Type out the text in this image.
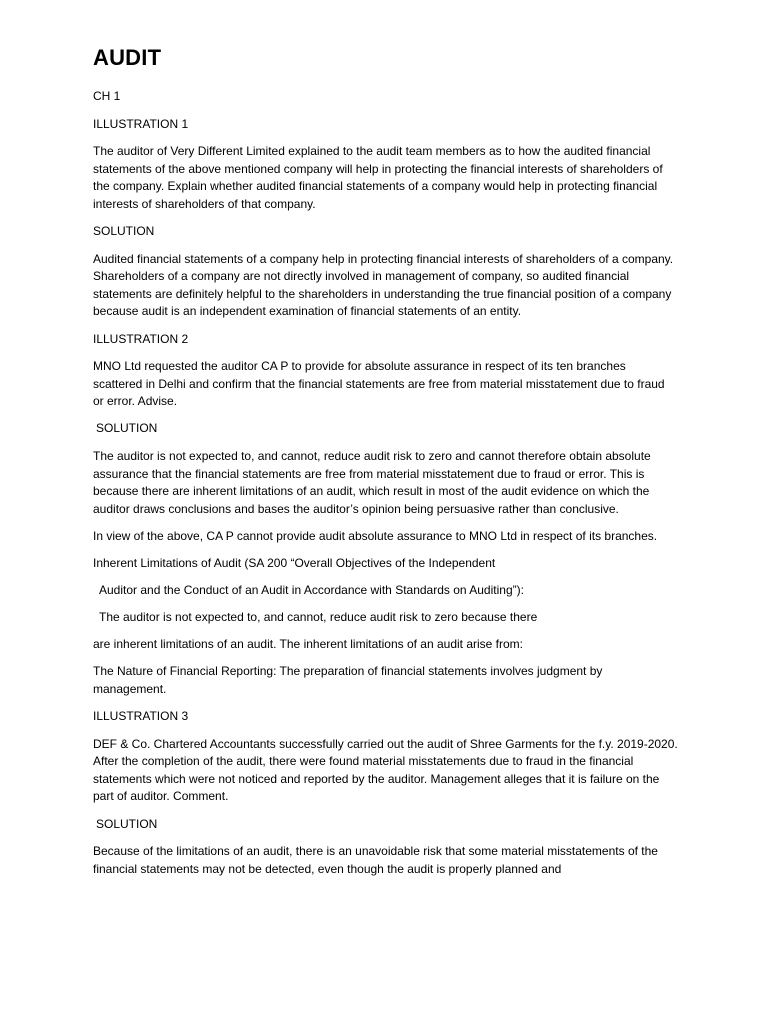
AUDIT

CH 1

ILLUSTRATION 1

The auditor of Very Different Limited explained to the audit team members as to how the audited financial statements of the above mentioned company will help in protecting the financial interests of shareholders of the company. Explain whether audited financial statements of a company would help in protecting financial interests of shareholders of that company.

SOLUTION

Audited financial statements of a company help in protecting financial interests of shareholders of a company. Shareholders of a company are not directly involved in management of company, so audited financial statements are definitely helpful to the shareholders in understanding the true financial position of a company because audit is an independent examination of financial statements of an entity.

ILLUSTRATION 2

MNO Ltd requested the auditor CA P to provide for absolute assurance in respect of its ten branches scattered in Delhi and confirm that the financial statements are free from material misstatement due to fraud or error. Advise.

SOLUTION

The auditor is not expected to, and cannot, reduce audit risk to zero and cannot therefore obtain absolute assurance that the financial statements are free from material misstatement due to fraud or error. This is because there are inherent limitations of an audit, which result in most of the audit evidence on which the auditor draws conclusions and bases the auditor’s opinion being persuasive rather than conclusive.

In view of the above, CA P cannot provide audit absolute assurance to MNO Ltd in respect of its branches.

Inherent Limitations of Audit (SA 200 “Overall Objectives of the Independent

Auditor and the Conduct of an Audit in Accordance with Standards on Auditing”):

The auditor is not expected to, and cannot, reduce audit risk to zero because there

are inherent limitations of an audit. The inherent limitations of an audit arise from:

The Nature of Financial Reporting: The preparation of financial statements involves judgment by management.

ILLUSTRATION 3

DEF & Co. Chartered Accountants successfully carried out the audit of Shree Garments for the f.y. 2019-2020. After the completion of the audit, there were found material misstatements due to fraud in the financial statements which were not noticed and reported by the auditor. Management alleges that it is failure on the part of auditor. Comment.

SOLUTION

Because of the limitations of an audit, there is an unavoidable risk that some material misstatements of the financial statements may not be detected, even though the audit is properly planned and
